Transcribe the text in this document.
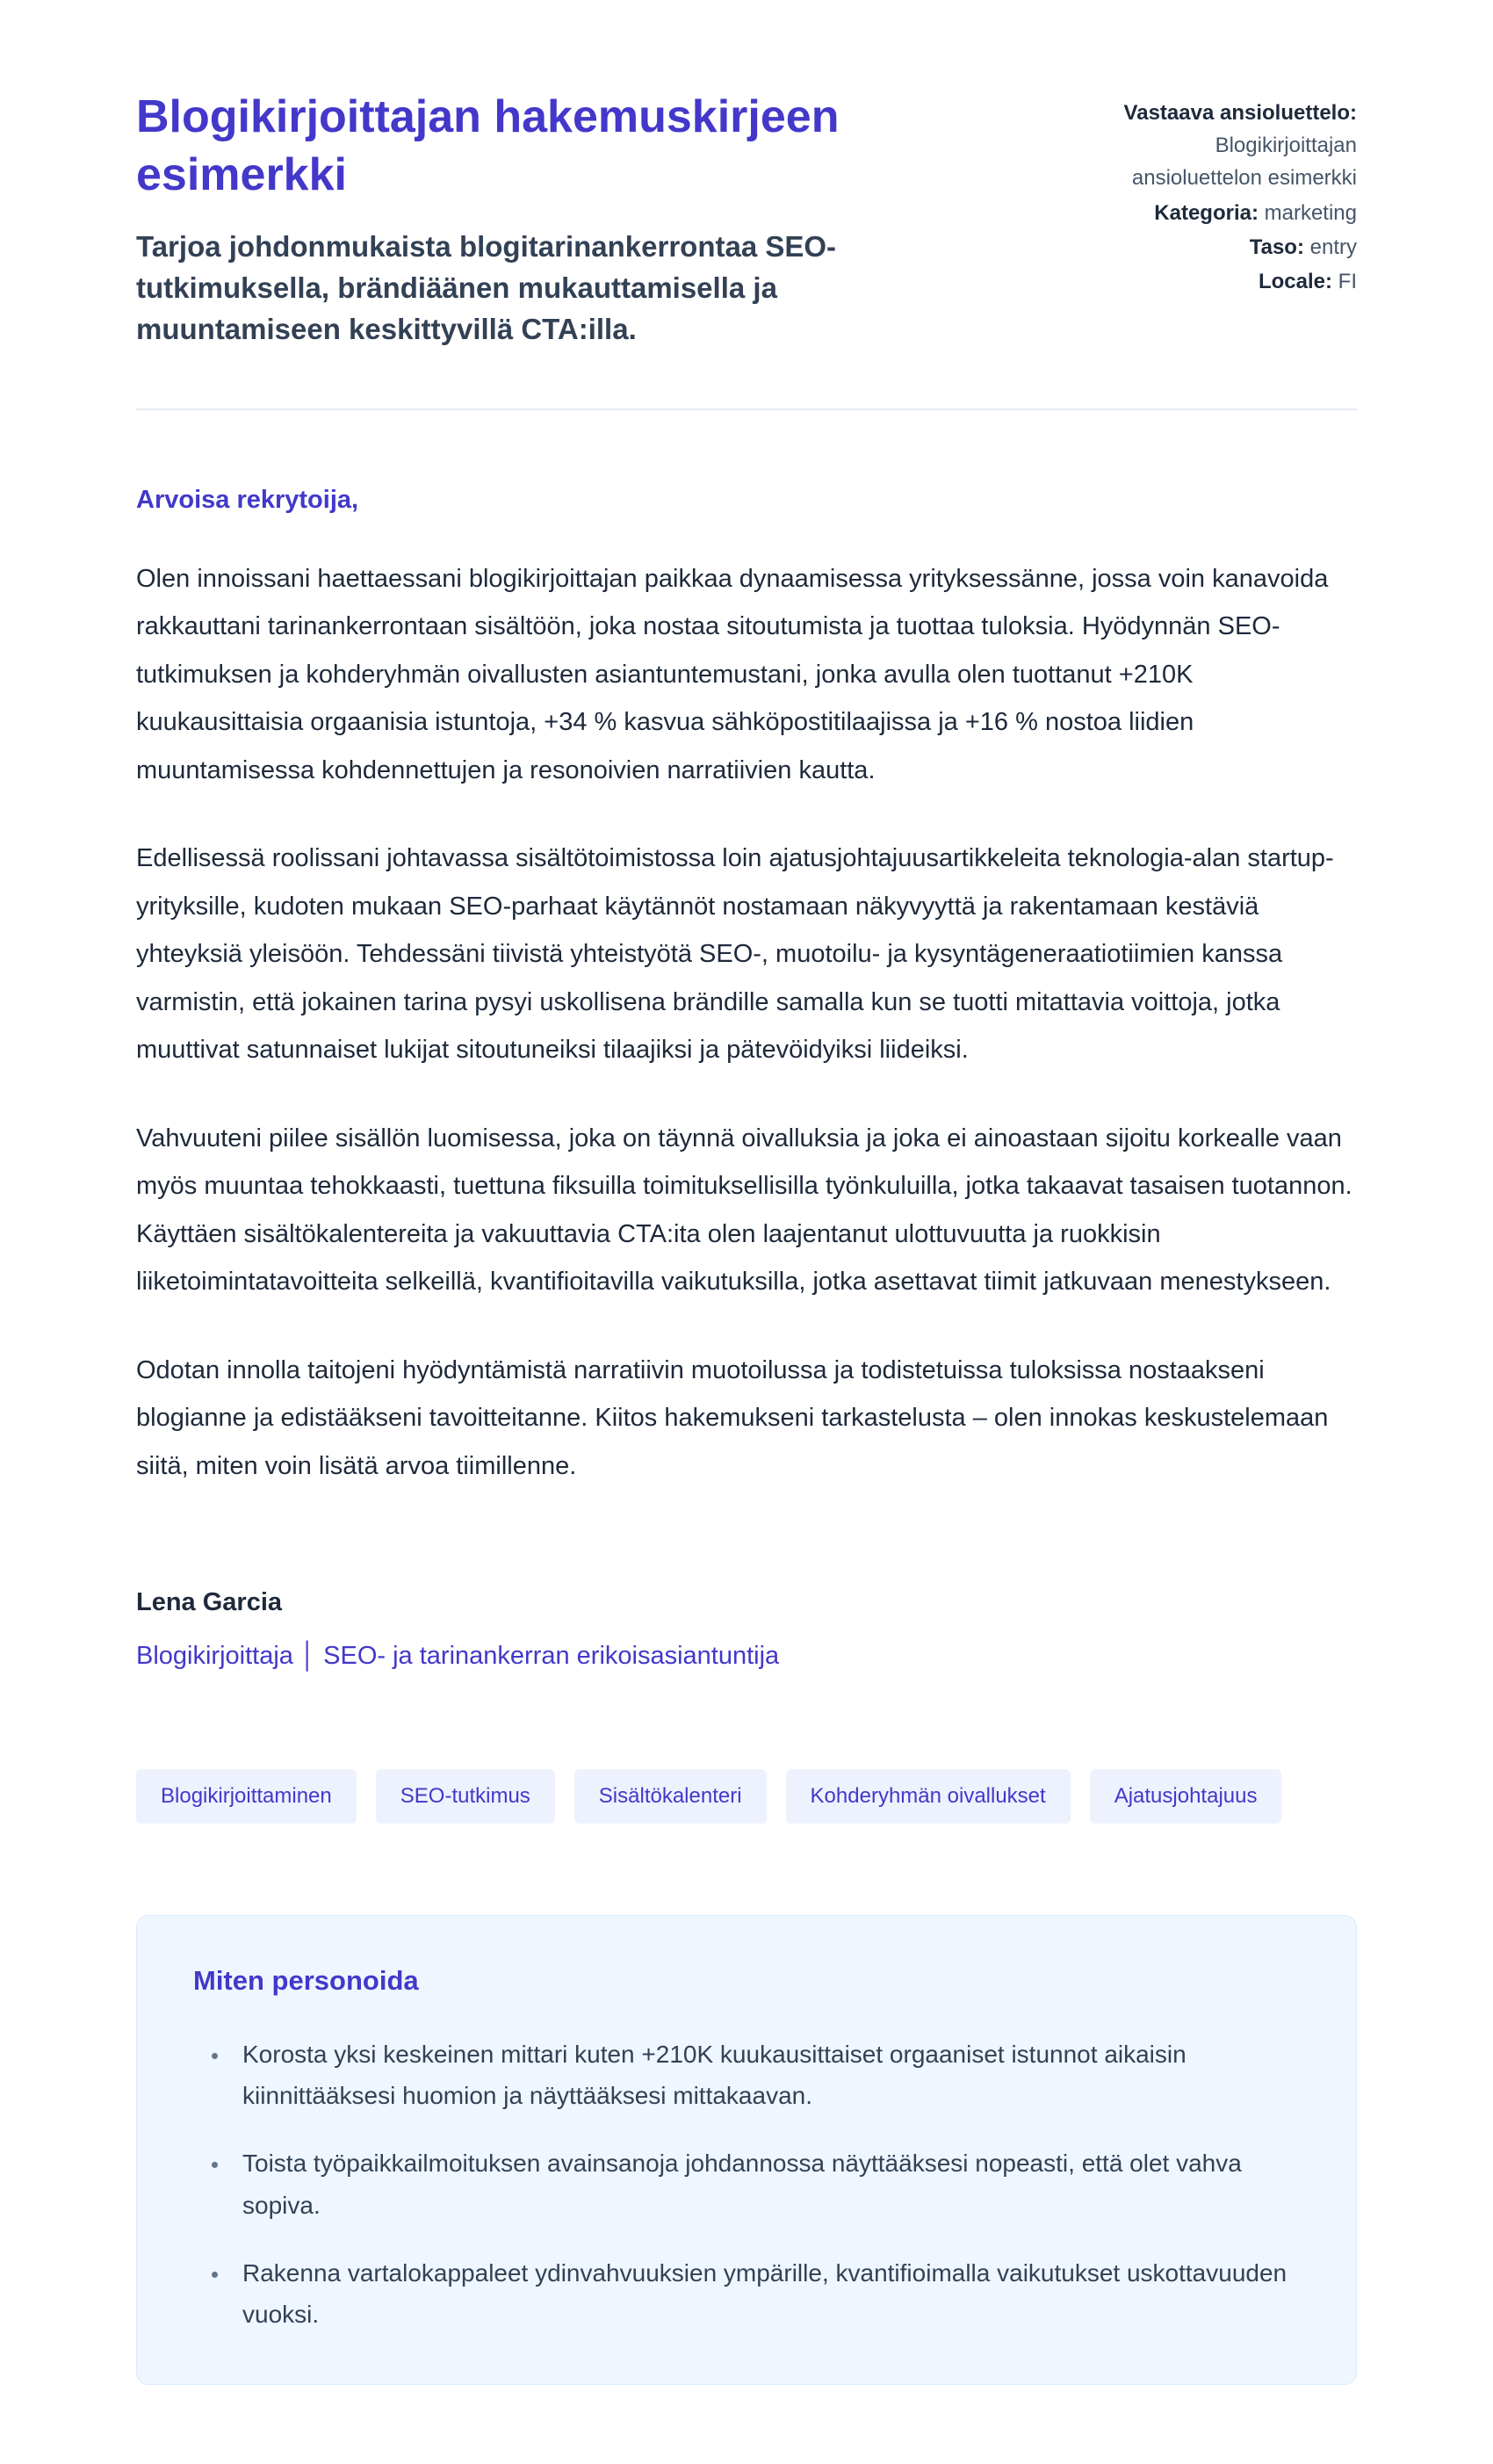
Blogikirjoittajan hakemuskirjeen esimerkki

Tarjoa johdonmukaista blogitarinankerrontaa SEO-tutkimuksella, brändiäänen mukauttamisella ja muuntamiseen keskittyvillä CTA:illa.

Vastaava ansioluettelo:
Blogikirjoittajan ansioluettelon esimerkki
Kategoria: marketing
Taso: entry
Locale: FI
Arvoisa rekrytoija,

Olen innoissani haettaessani blogikirjoittajan paikkaa dynaamisessa yrityksessänne, jossa voin kanavoida rakkauttani tarinankerrontaan sisältöön, joka nostaa sitoutumista ja tuottaa tuloksia. Hyödynnän SEO-tutkimuksen ja kohderyhmän oivallusten asiantuntemustani, jonka avulla olen tuottanut +210K kuukausittaisia orgaanisia istuntoja, +34 % kasvua sähköpostitilaajissa ja +16 % nostoa liidien muuntamisessa kohdennettujen ja resonoivien narratiivien kautta.

Edellisessä roolissani johtavassa sisältötoimistossa loin ajatusjohtajuusartikkeleita teknologia-alan startup-yrityksille, kudoten mukaan SEO-parhaat käytännöt nostamaan näkyvyyttä ja rakentamaan kestäviä yhteyksiä yleisöön. Tehdessäni tiivistä yhteistyötä SEO-, muotoilu- ja kysyntägeneraatiotiimien kanssa varmistin, että jokainen tarina pysyi uskollisena brändille samalla kun se tuotti mitattavia voittoja, jotka muuttivat satunnaiset lukijat sitoutuneiksi tilaajiksi ja pätevöidyiksi liideiksi.

Vahvuuteni piilee sisällön luomisessa, joka on täynnä oivalluksia ja joka ei ainoastaan sijoitu korkealle vaan myös muuntaa tehokkaasti, tuettuna fiksuilla toimituksellisilla työnkuluilla, jotka takaavat tasaisen tuotannon. Käyttäen sisältökalentereita ja vakuuttavia CTA:ita olen laajentanut ulottuvuutta ja ruokkisin liiketoimintatavoitteita selkeillä, kvantifioitavilla vaikutuksilla, jotka asettavat tiimit jatkuvaan menestykseen.

Odotan innolla taitojeni hyödyntämistä narratiivin muotoilussa ja todistetuissa tuloksissa nostaakseni blogianne ja edistääkseni tavoitteitanne. Kiitos hakemukseni tarkastelusta – olen innokas keskustelemaan siitä, miten voin lisätä arvoa tiimillenne.

Lena Garcia
Blogikirjoittaja │ SEO- ja tarinankerran erikoisasiantuntija
Blogikirjoittaminen	SEO-tutkimus	Sisältökalenteri	Kohderyhmän oivallukset	Ajatusjohtajuus
Miten personoida
• Korosta yksi keskeinen mittari kuten +210K kuukausittaiset orgaaniset istunnot aikaisin kiinnittääksesi huomion ja näyttääksesi mittakaavan.
• Toista työpaikkailmoituksen avainsanoja johdannossa näyttääksesi nopeasti, että olet vahva sopiva.
• Rakenna vartalokappaleet ydinvahvuuksien ympärille, kvantifioimalla vaikutukset uskottavuuden vuoksi.
